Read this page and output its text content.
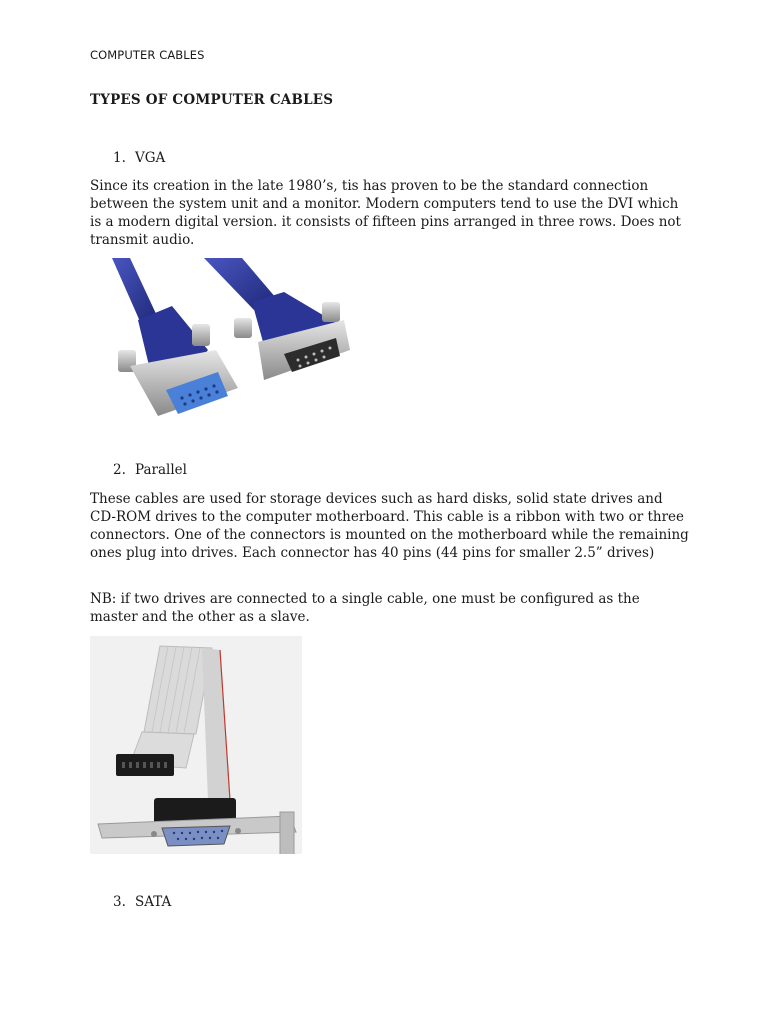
COMPUTER CABLES
TYPES OF COMPUTER CABLES
1. VGA

Since its creation in the late 1980’s, tis has proven to be the standard connection between the system unit and a monitor. Modern computers tend to use the DVI which is a modern digital version. it consists of fifteen pins arranged in three rows. Does not transmit audio.

2. Parallel

These cables are used for storage devices such as hard disks, solid state drives and CD-ROM drives to the computer motherboard. This cable is a ribbon with two or three connectors. One of the connectors is mounted on the motherboard while the remaining ones plug into drives. Each connector has 40 pins (44 pins for smaller 2.5” drives)

NB: if two drives are connected to a single cable, one must be configured as the master and the other as a slave.

3. SATA
